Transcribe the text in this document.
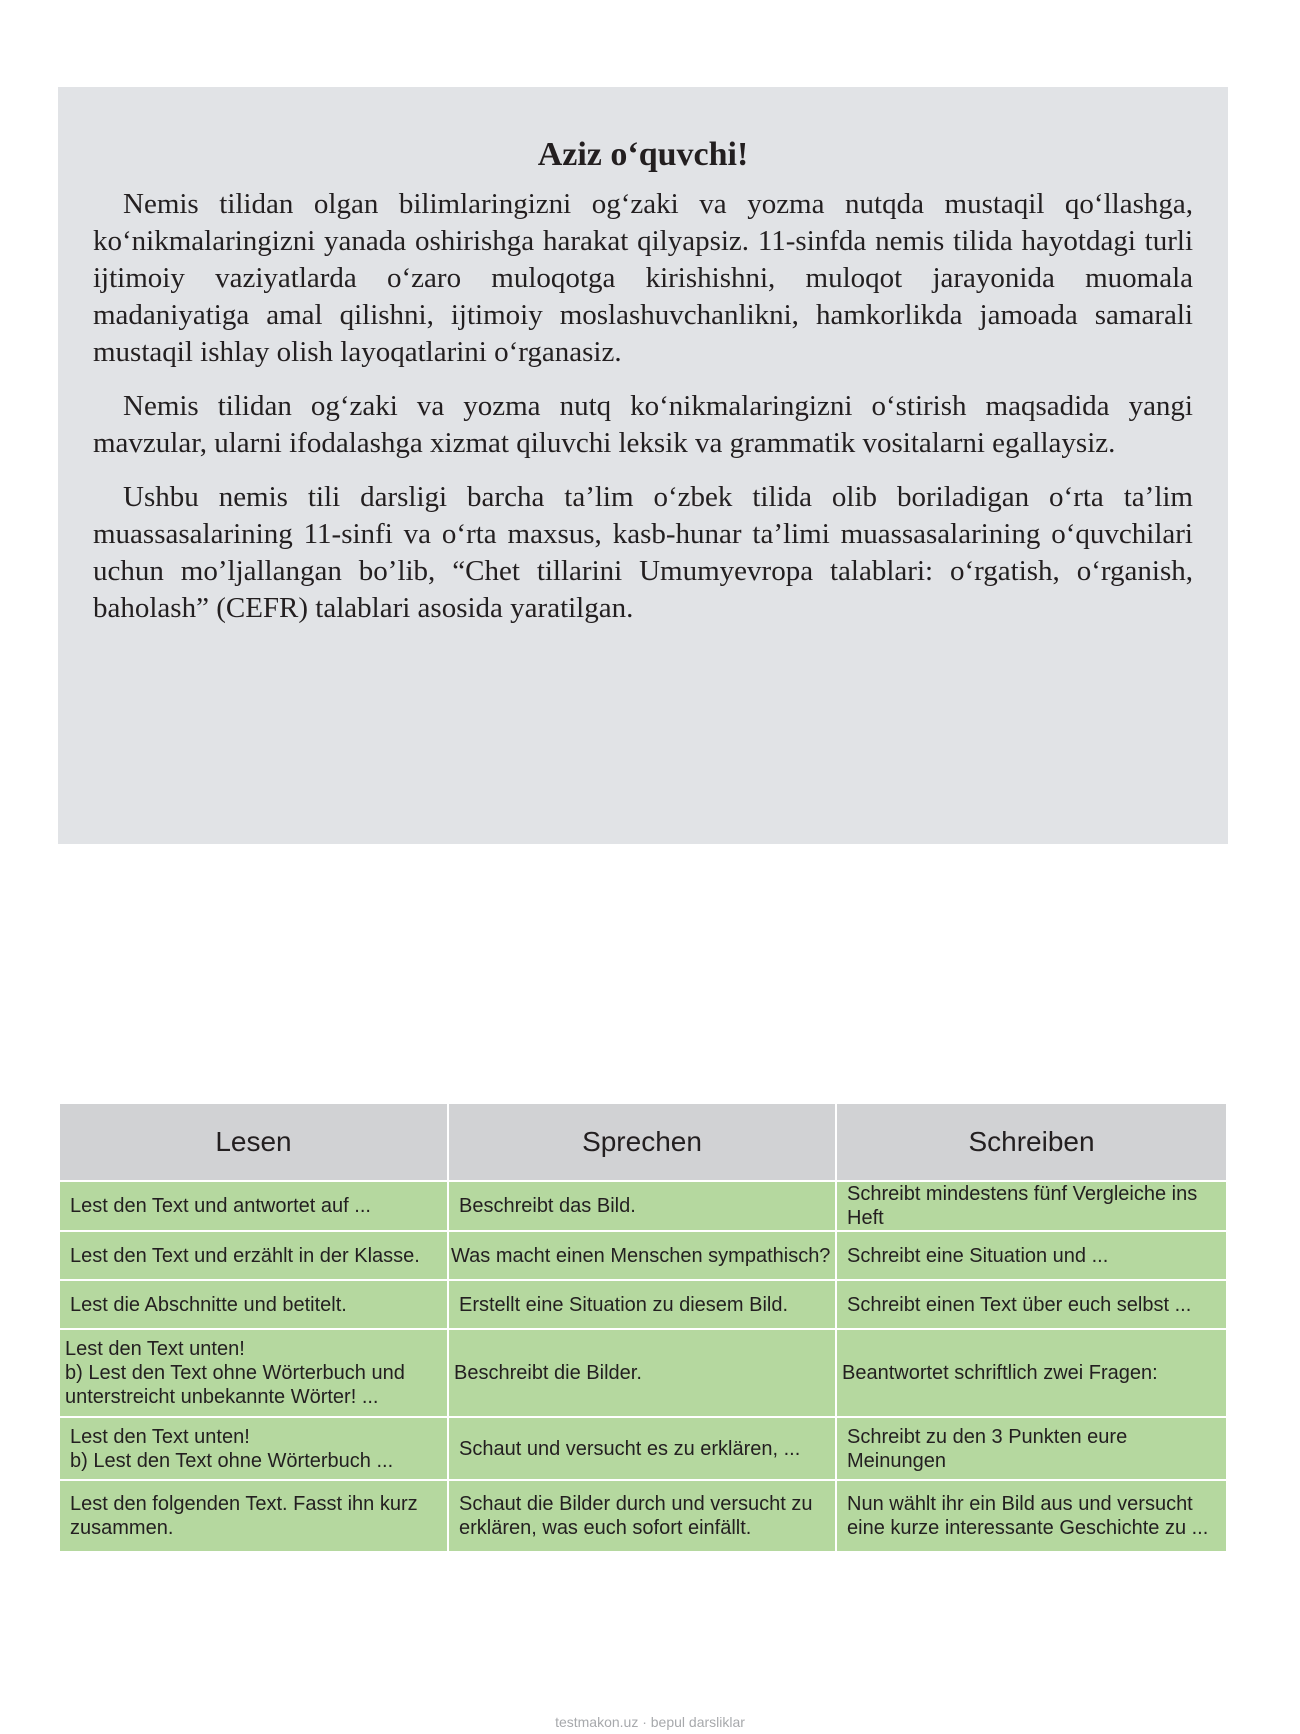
Aziz o‘quvchi!

Nemis tilidan olgan bilimlaringizni og‘zaki va yozma nutqda mustaqil qo‘llashga, ko‘nikmalaringizni yanada oshirishga harakat qilyapsiz. 11-sinfda nemis tilida hayotdagi turli ijtimoiy vaziyatlarda o‘zaro muloqotga kirishishni, muloqot jarayonida muomala madaniyatiga amal qilishni, ijtimoiy moslashuvchanlikni, hamkorlikda jamoada samarali mustaqil ishlay olish layoqatlarini o‘rganasiz.

Nemis tilidan og‘zaki va yozma nutq ko‘nikmalaringizni o‘stirish maqsadida yangi mavzular, ularni ifodalashga xizmat qiluvchi leksik va grammatik vositalarni egallaysiz.

Ushbu nemis tili darsligi barcha ta’lim o‘zbek tilida olib boriladigan o‘rta ta’lim muassasalarining 11-sinfi va o‘rta maxsus, kasb-hunar ta’limi muassasalarining o‘quvchilari uchun mo’ljallangan bo’lib, “Chet tillarini Umumyevropa talablari: o‘rgatish, o‘rganish, baholash” (CEFR) talablari asosida yaratilgan.

Lesen	Sprechen	Schreiben
Lest den Text und antwortet auf ...	Beschreibt das Bild.	Schreibt mindestens fünf Vergleiche ins Heft
Lest den Text und erzählt in der Klasse.	Was macht einen Menschen sympathisch?	Schreibt eine Situation und ...
Lest die Abschnitte und betitelt.	Erstellt eine Situation zu diesem Bild.	Schreibt einen Text über euch selbst ...
Lest den Text unten!
b) Lest den Text ohne Wörterbuch und unterstreicht unbekannte Wörter! ...	Beschreibt die Bilder.	Beantwortet schriftlich zwei Fragen:
Lest den Text unten!
b) Lest den Text ohne Wörterbuch ...	Schaut und versucht es zu erklären, ...	Schreibt zu den 3 Punkten eure Meinungen
Lest den folgenden Text. Fasst ihn kurz zusammen.	Schaut die Bilder durch und versucht zu erklären, was euch sofort einfällt.	Nun wählt ihr ein Bild aus und versucht eine kurze interessante Geschichte zu ...
testmakon.uz · bepul darsliklar
